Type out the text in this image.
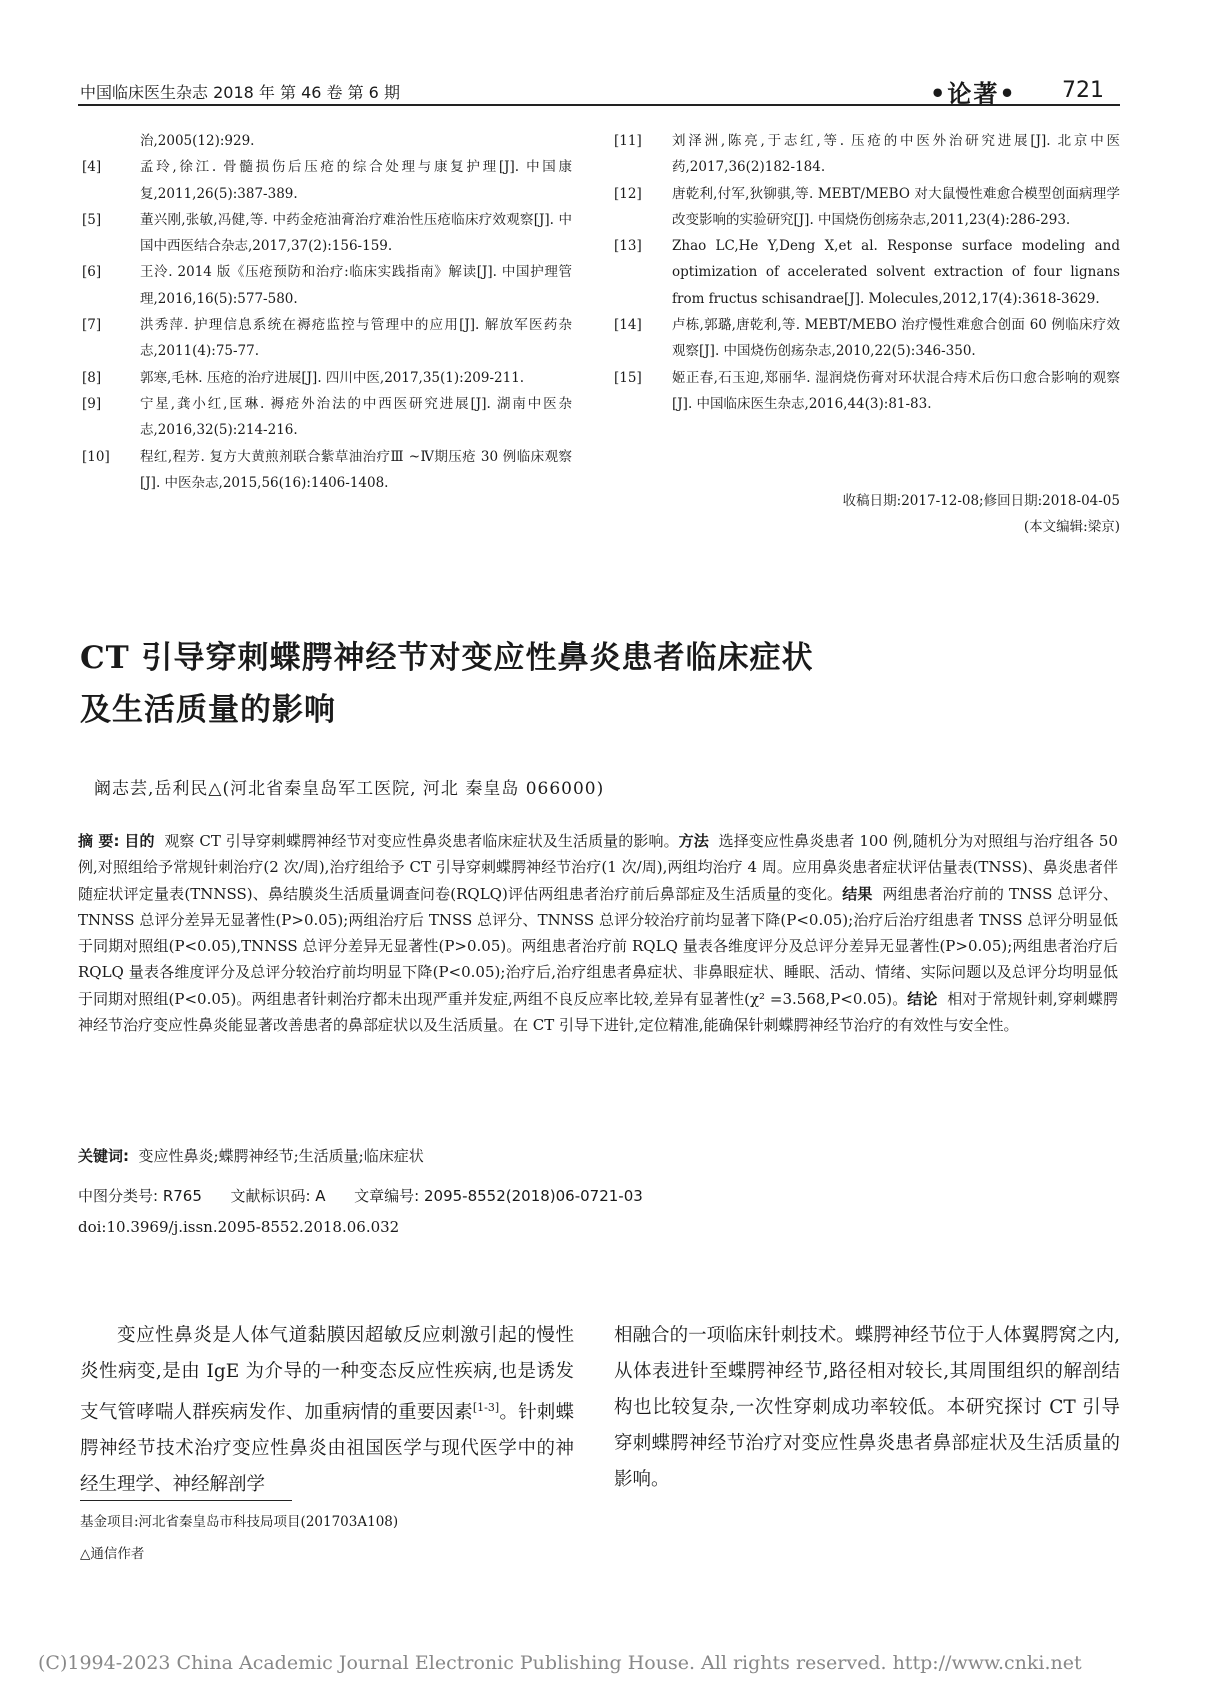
中国临床医生杂志 2018 年 第 46 卷 第 6 期	•论著• 721
治,2005(12):929.
[4]	孟玲,徐江. 骨髓损伤后压疮的综合处理与康复护理[J]. 中国康复,2011,26(5):387-389.
[5]	董兴刚,张敏,冯健,等. 中药金疮油膏治疗难治性压疮临床疗效观察[J]. 中国中西医结合杂志,2017,37(2):156-159.
[6]	王泠. 2014 版《压疮预防和治疗:临床实践指南》解读[J]. 中国护理管理,2016,16(5):577-580.
[7]	洪秀萍. 护理信息系统在褥疮监控与管理中的应用[J]. 解放军医药杂志,2011(4):75-77.
[8]	郭寒,毛林. 压疮的治疗进展[J]. 四川中医,2017,35(1):209-211.
[9]	宁星,龚小红,匡琳. 褥疮外治法的中西医研究进展[J]. 湖南中医杂志,2016,32(5):214-216.
[10]	程红,程芳. 复方大黄煎剂联合紫草油治疗Ⅲ ~Ⅳ期压疮 30 例临床观察[J]. 中医杂志,2015,56(16):1406-1408.
[11]	刘泽洲,陈亮,于志红,等. 压疮的中医外治研究进展[J]. 北京中医药,2017,36(2)182-184.
[12]	唐乾利,付军,狄铆骐,等. MEBT/MEBO 对大鼠慢性难愈合模型创面病理学改变影响的实验研究[J]. 中国烧伤创疡杂志,2011,23(4):286-293.
[13]	Zhao LC,He Y,Deng X,et al. Response surface modeling and optimization of accelerated solvent extraction of four lignans from fructus schisandrae[J]. Molecules,2012,17(4):3618-3629.
[14]	卢栋,郭璐,唐乾利,等. MEBT/MEBO 治疗慢性难愈合创面 60 例临床疗效观察[J]. 中国烧伤创疡杂志,2010,22(5):346-350.
[15]	姬正春,石玉迎,郑丽华. 湿润烧伤膏对环状混合痔术后伤口愈合影响的观察[J]. 中国临床医生杂志,2016,44(3):81-83.
收稿日期:2017-12-08;修回日期:2018-04-05
(本文编辑:梁京)
CT 引导穿刺蝶腭神经节对变应性鼻炎患者临床症状
及生活质量的影响
阚志芸,岳利民△(河北省秦皇岛军工医院, 河北 秦皇岛 066000)
摘 要: 目的 观察 CT 引导穿刺蝶腭神经节对变应性鼻炎患者临床症状及生活质量的影响。方法 选择变应性鼻炎患者 100 例,随机分为对照组与治疗组各 50 例,对照组给予常规针刺治疗(2 次/周),治疗组给予 CT 引导穿刺蝶腭神经节治疗(1 次/周),两组均治疗 4 周。应用鼻炎患者症状评估量表(TNSS)、鼻炎患者伴随症状评定量表(TNNSS)、鼻结膜炎生活质量调查问卷(RQLQ)评估两组患者治疗前后鼻部症及生活质量的变化。结果 两组患者治疗前的 TNSS 总评分、TNNSS 总评分差异无显著性(P>0.05);两组治疗后 TNSS 总评分、TNNSS 总评分较治疗前均显著下降(P<0.05);治疗后治疗组患者 TNSS 总评分明显低于同期对照组(P<0.05),TNNSS 总评分差异无显著性(P>0.05)。两组患者治疗前 RQLQ 量表各维度评分及总评分差异无显著性(P>0.05);两组患者治疗后 RQLQ 量表各维度评分及总评分较治疗前均明显下降(P<0.05);治疗后,治疗组患者鼻症状、非鼻眼症状、睡眠、活动、情绪、实际问题以及总评分均明显低于同期对照组(P<0.05)。两组患者针刺治疗都未出现严重并发症,两组不良反应率比较,差异有显著性(χ² =3.568,P<0.05)。结论 相对于常规针刺,穿刺蝶腭神经节治疗变应性鼻炎能显著改善患者的鼻部症状以及生活质量。在 CT 引导下进针,定位精准,能确保针刺蝶腭神经节治疗的有效性与安全性。
关键词: 变应性鼻炎;蝶腭神经节;生活质量;临床症状
中图分类号: R765      文献标识码: A      文章编号: 2095-8552(2018)06-0721-03
doi:10.3969/j.issn.2095-8552.2018.06.032
变应性鼻炎是人体气道黏膜因超敏反应刺激引起的慢性炎性病变,是由 IgE 为介导的一种变态反应性疾病,也是诱发支气管哮喘人群疾病发作、加重病情的重要因素[1-3]。针刺蝶腭神经节技术治疗变应性鼻炎由祖国医学与现代医学中的神经生理学、神经解剖学
相融合的一项临床针刺技术。蝶腭神经节位于人体翼腭窝之内,从体表进针至蝶腭神经节,路径相对较长,其周围组织的解剖结构也比较复杂,一次性穿刺成功率较低。本研究探讨 CT 引导穿刺蝶腭神经节治疗对变应性鼻炎患者鼻部症状及生活质量的影响。
基金项目:河北省秦皇岛市科技局项目(201703A108)
△通信作者
(C)1994-2023 China Academic Journal Electronic Publishing House. All rights reserved. http://www.cnki.net
